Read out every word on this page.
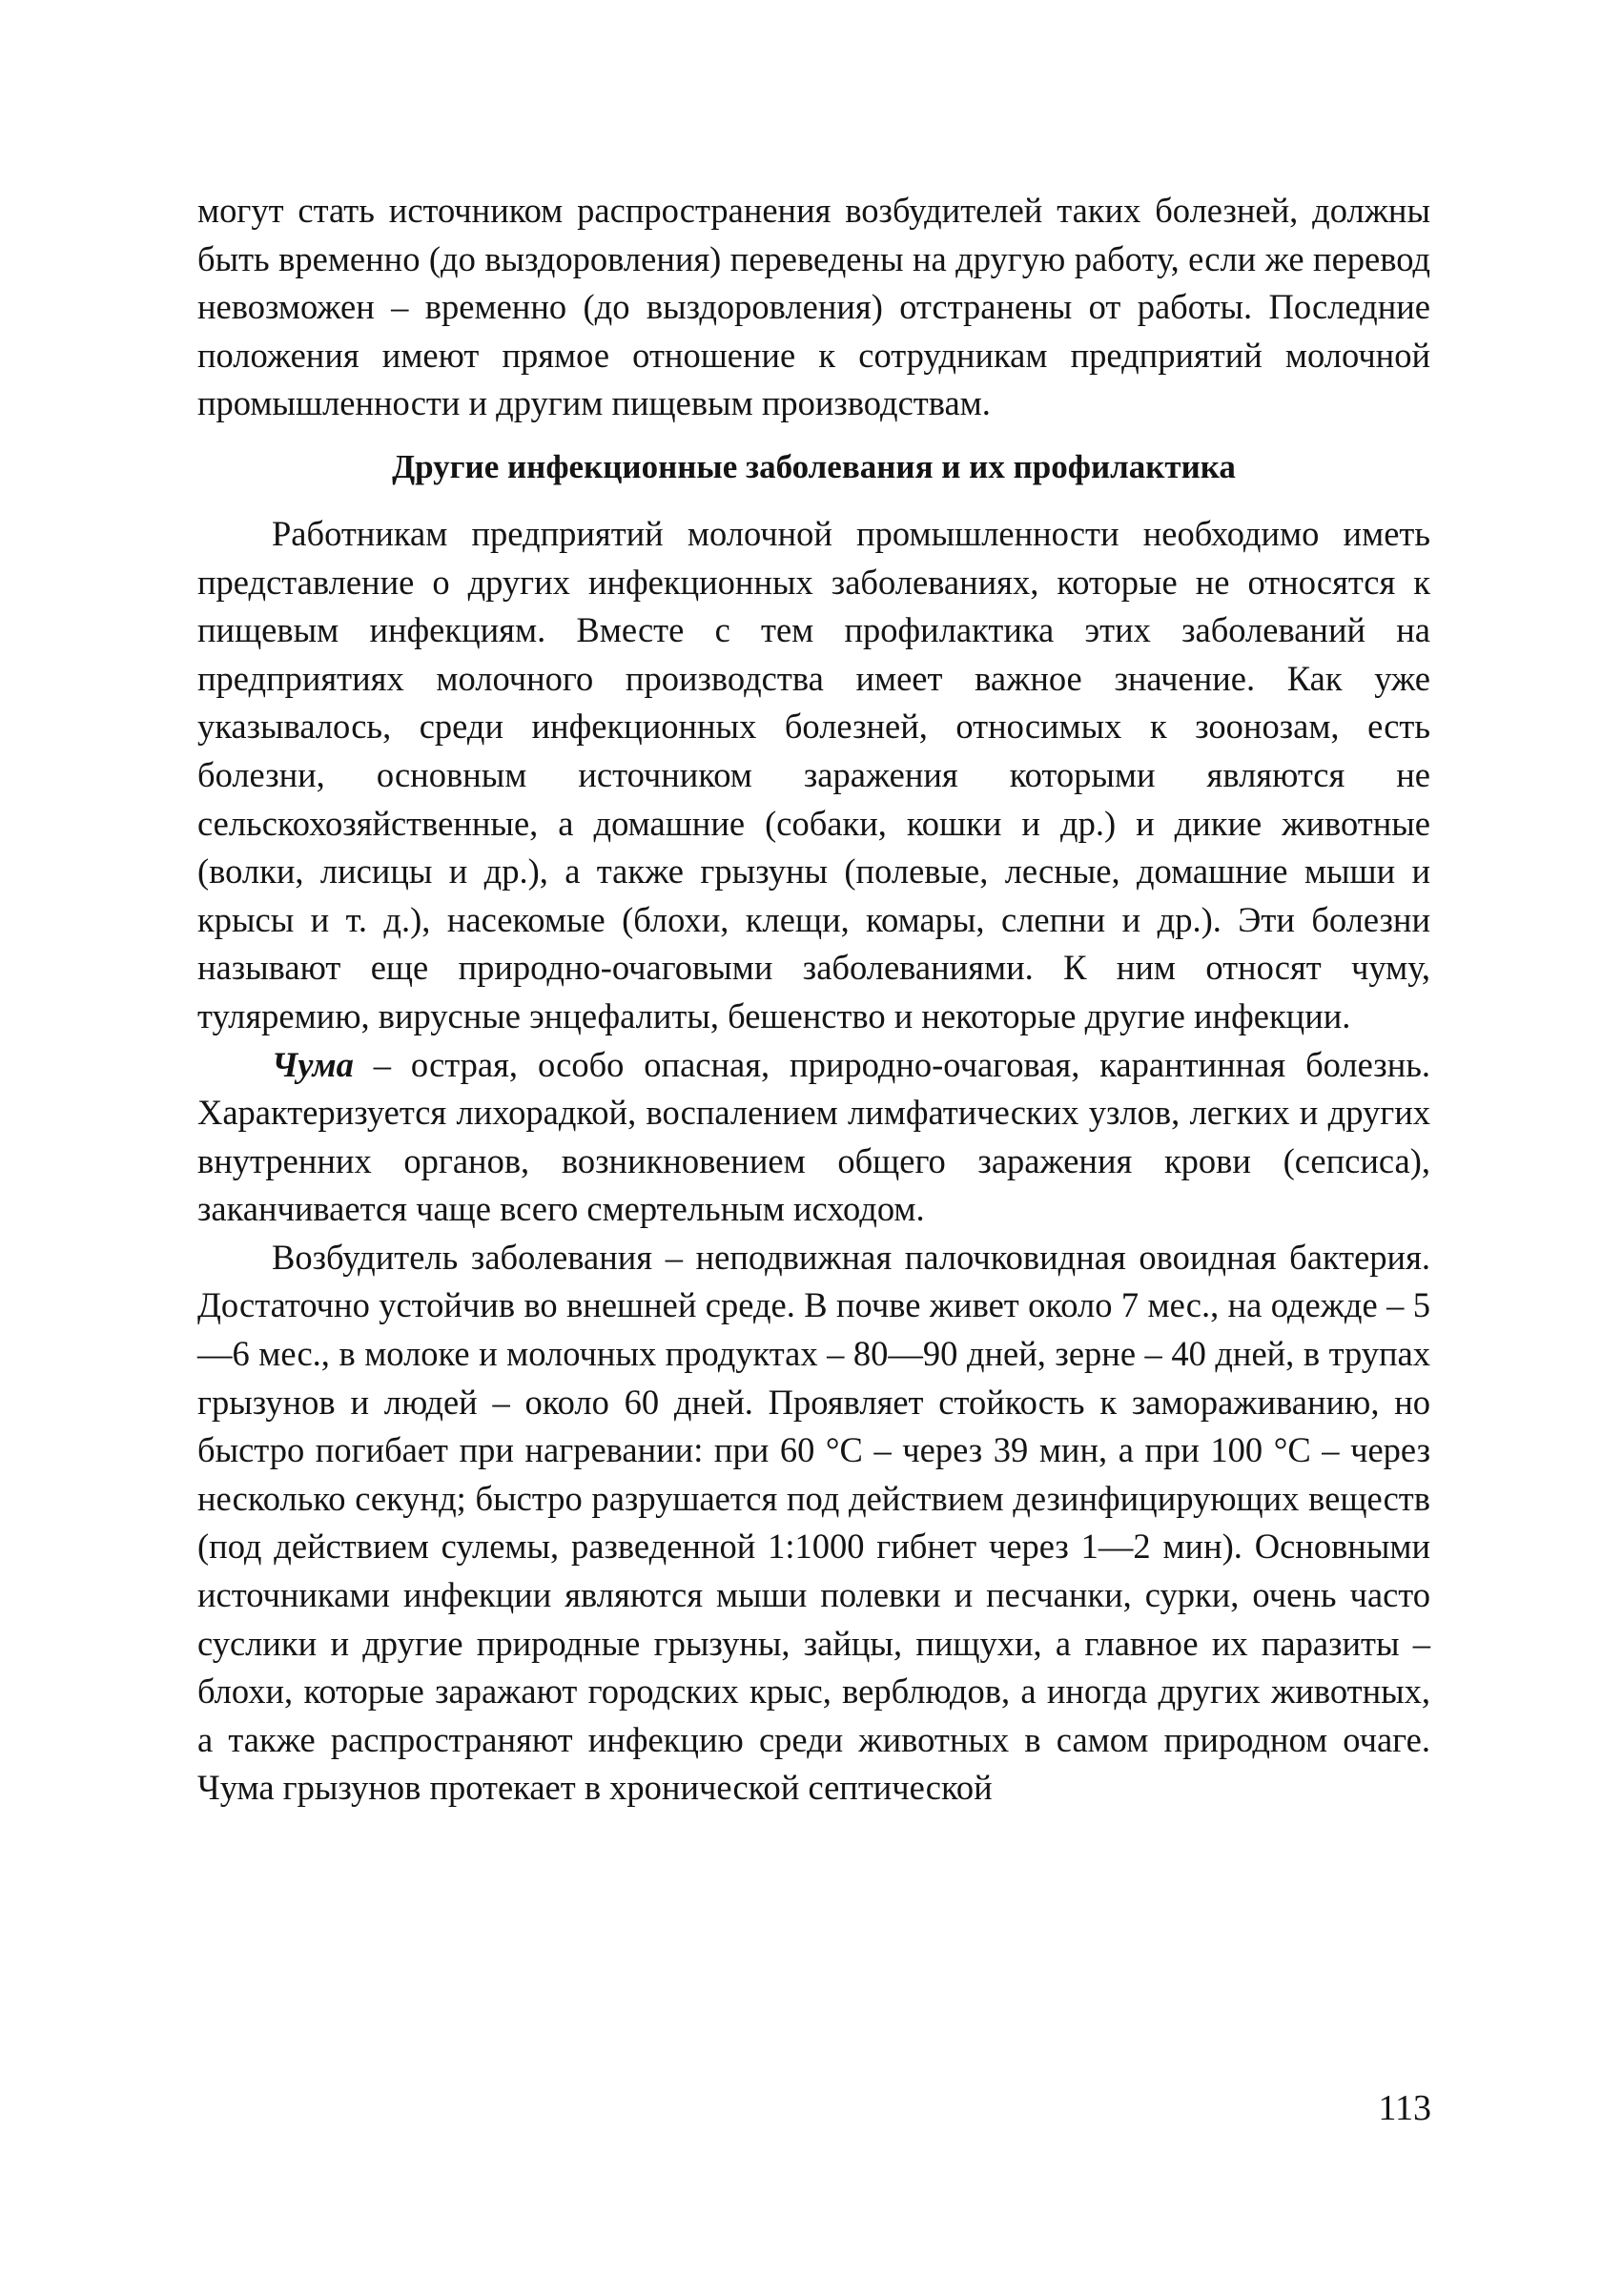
могут стать источником распространения возбудителей таких болезней, должны быть временно (до выздоровления) переведены на другую работу, если же перевод невозможен – временно (до выздоровления) отстранены от работы. Последние положения имеют прямое отношение к сотрудникам предприятий молочной промышленности и другим пищевым производствам.

Другие инфекционные заболевания и их профилактика

Работникам предприятий молочной промышленности необходимо иметь представление о других инфекционных заболеваниях, которые не относятся к пищевым инфекциям. Вместе с тем профилактика этих заболеваний на предприятиях молочного производства имеет важное значение. Как уже указывалось, среди инфекционных болезней, относимых к зоонозам, есть болезни, основным источником заражения которыми являются не сельскохозяйственные, а домашние (собаки, кошки и др.) и дикие животные (волки, лисицы и др.), а также грызуны (полевые, лесные, домашние мыши и крысы и т. д.), насекомые (блохи, клещи, комары, слепни и др.). Эти болезни называют еще природно-очаговыми заболеваниями. К ним относят чуму, туляремию, вирусные энцефалиты, бешенство и некоторые другие инфекции.

Чума – острая, особо опасная, природно-очаговая, карантинная болезнь. Характеризуется лихорадкой, воспалением лимфатических узлов, легких и других внутренних органов, возникновением общего заражения крови (сепсиса), заканчивается чаще всего смертельным исходом.

Возбудитель заболевания – неподвижная палочковидная овоидная бактерия. Достаточно устойчив во внешней среде. В почве живет около 7 мес., на одежде – 5—6 мес., в молоке и молочных продуктах – 80—90 дней, зерне – 40 дней, в трупах грызунов и людей – около 60 дней. Проявляет стойкость к замораживанию, но быстро погибает при нагревании: при 60 °С – через 39 мин, а при 100 °С – через несколько секунд; быстро разрушается под действием дезинфицирующих веществ (под действием сулемы, разведенной 1:1000 гибнет через 1—2 мин). Основными источниками инфекции являются мыши полевки и песчанки, сурки, очень часто суслики и другие природные грызуны, зайцы, пищухи, а главное их паразиты – блохи, которые заражают городских крыс, верблюдов, а иногда других животных, а также распространяют инфекцию среди животных в самом природном очаге. Чума грызунов протекает в хронической септической

113
